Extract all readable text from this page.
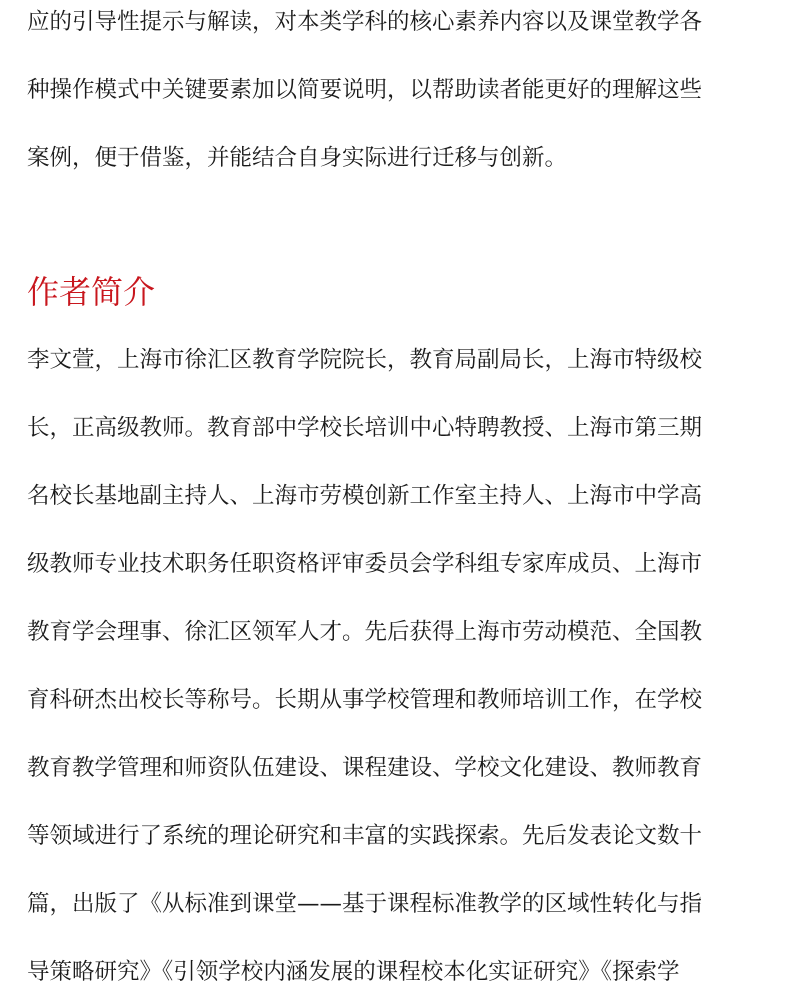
应的引导性提示与解读，对本类学科的核心素养内容以及课堂教学各
种操作模式中关键要素加以简要说明，以帮助读者能更好的理解这些
案例，便于借鉴，并能结合自身实际进行迁移与创新。
作者简介
李文萱，上海市徐汇区教育学院院长，教育局副局长，上海市特级校
长，正高级教师。教育部中学校长培训中心特聘教授、上海市第三期
名校长基地副主持人、上海市劳模创新工作室主持人、上海市中学高
级教师专业技术职务任职资格评审委员会学科组专家库成员、上海市
教育学会理事、徐汇区领军人才。先后获得上海市劳动模范、全国教
育科研杰出校长等称号。长期从事学校管理和教师培训工作，在学校
教育教学管理和师资队伍建设、课程建设、学校文化建设、教师教育
等领域进行了系统的理论研究和丰富的实践探索。先后发表论文数十
篇，出版了《从标准到课堂——基于课程标准教学的区域性转化与指
导策略研究》《引领学校内涵发展的课程校本化实证研究》《探索学
